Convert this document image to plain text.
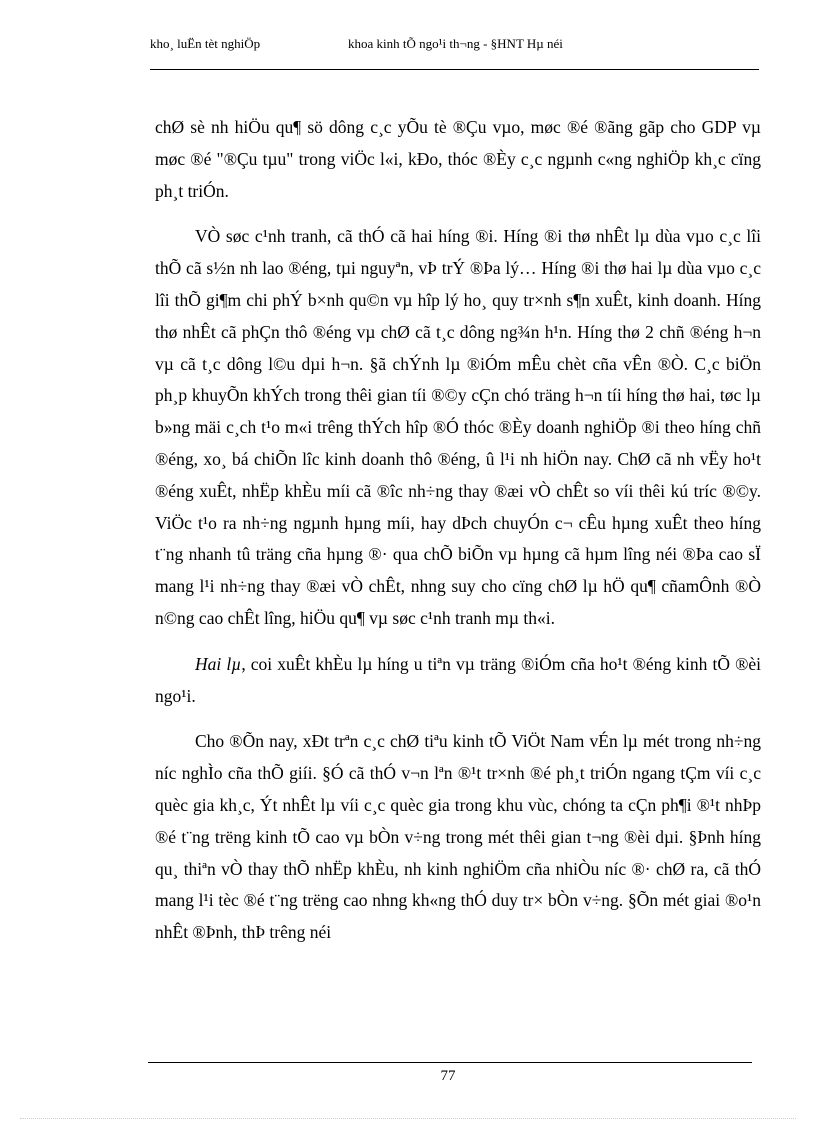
kho¸ luËn tèt nghiÖp	khoa kinh tÕ ngo¹i th¬ng - §HNT Hµ néi

chØ sè nh hiÖu qu¶ sö dông c¸c yÕu tè ®Çu vµo, møc ®é ®ãng gãp cho GDP vµ møc ®é "®Çu tµu" trong viÖc l«i, kÐo, thóc ®Èy c¸c ngµnh c«ng nghiÖp kh¸c cïng ph¸t triÓn.

VÒ søc c¹nh tranh, cã thÓ cã hai híng ®i. Híng ®i thø nhÊt lµ dùa vµo c¸c lîi thÕ cã s½n nh lao ®éng, tµi nguyªn, vÞ trÝ ®Þa lý… Híng ®i thø hai lµ dùa vµo c¸c lîi thÕ gi¶m chi phÝ b×nh qu©n vµ hîp lý ho¸ quy tr×nh s¶n xuÊt, kinh doanh. Híng thø nhÊt cã phÇn thô ®éng vµ chØ cã t¸c dông ng¾n h¹n. Híng thø 2 chñ ®éng h¬n vµ cã t¸c dông l©u dµi h¬n. §ã chÝnh lµ ®iÓm mÊu chèt cña vÊn ®Ò. C¸c biÖn ph¸p khuyÕn khÝch trong thêi gian tíi ®©y cÇn chó träng h¬n tíi híng thø hai, tøc lµ b»ng mäi c¸ch t¹o m«i trêng thÝch hîp ®Ó thóc ®Èy doanh nghiÖp ®i theo híng chñ ®éng, xo¸ bá chiÕn lîc kinh doanh thô ®éng, û l¹i nh hiÖn nay. ChØ cã nh vËy ho¹t ®éng xuÊt, nhËp khÈu míi cã ®îc nh÷ng thay ®æi vÒ chÊt so víi thêi kú tríc ®©y. ViÖc t¹o ra nh÷ng ngµnh hµng míi, hay dÞch chuyÓn c¬ cÊu hµng xuÊt theo híng t¨ng nhanh tû träng cña hµng ®· qua chÕ biÕn vµ hµng cã hµm lîng néi ®Þa cao sÏ mang l¹i nh÷ng thay ®æi vÒ chÊt, nhng suy cho cïng chØ lµ hÖ qu¶ cñamÔnh ®Ò n©ng cao chÊt lîng, hiÖu qu¶ vµ søc c¹nh tranh mµ th«i.

Hai lµ, coi xuÊt khÈu lµ híng u tiªn vµ träng ®iÓm cña ho¹t ®éng kinh tÕ ®èi ngo¹i.

Cho ®Õn nay, xÐt trªn c¸c chØ tiªu kinh tÕ ViÖt Nam vÉn lµ mét trong nh÷ng níc nghÌo cña thÕ giíi. §Ó cã thÓ v¬n lªn ®¹t tr×nh ®é ph¸t triÓn ngang tÇm víi c¸c quèc gia kh¸c, Ýt nhÊt lµ víi c¸c quèc gia trong khu vùc, chóng ta cÇn ph¶i ®¹t nhÞp ®é t¨ng trëng kinh tÕ cao vµ bÒn v÷ng trong mét thêi gian t¬ng ®èi dµi. §Þnh híng qu¸ thiªn vÒ thay thÕ nhËp khÈu, nh kinh nghiÖm cña nhiÒu níc ®· chØ ra, cã thÓ mang l¹i tèc ®é t¨ng trëng cao nhng kh«ng thÓ duy tr× bÒn v÷ng. §Õn mét giai ®o¹n nhÊt ®Þnh, thÞ trêng néi

77
